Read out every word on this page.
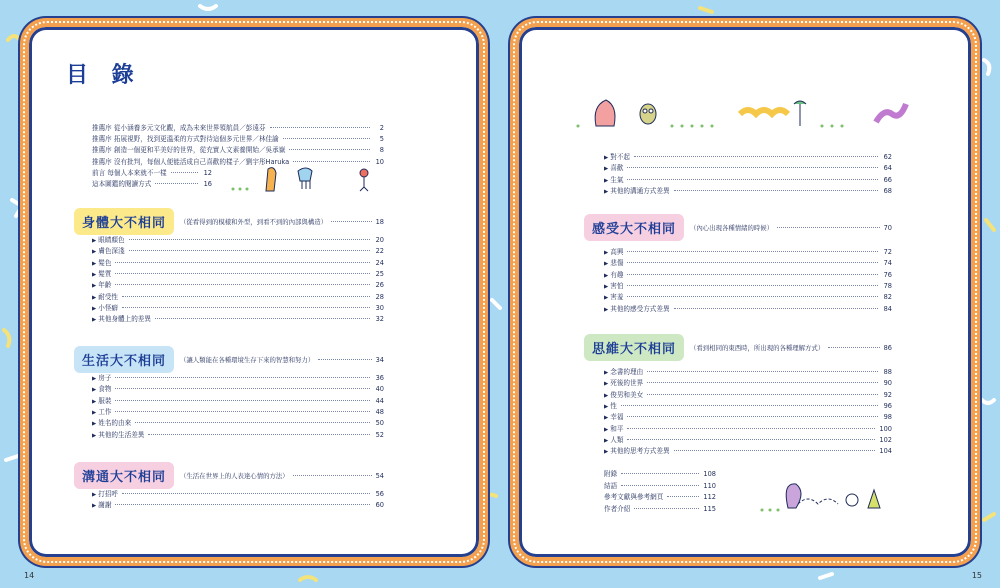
目 錄
推薦序 從小涵養多元文化觀，成為未來世界領航員／彭遠芬	2
推薦序 拓展視野，找到更溫柔的方式對待這個多元世界／林佳諭	5
推薦序 創造一個更和平美好的世界，從充實人文素養開始／吳承嶽	8
推薦序 沒有批判，每個人便能活成自己喜歡的樣子／劉宇彤Haruka	10
前言 每個人本來就不一樣	12
這本圖鑑的閱讀方式	16
身體大不相同	（從看得到的模樣和外型，到看不到的內部與構造）	18
▶ 眼睛顏色	20
▶ 膚色深淺	22
▶ 髮色	24
▶ 髮質	25
▶ 年齡	26
▶ 耐受性	28
▶ 小怪癖	30
▶ 其他身體上的差異	32
生活大不相同	（讓人類能在各種環境生存下來的智慧和努力）	34
▶ 房子	36
▶ 食物	40
▶ 服裝	44
▶ 工作	48
▶ 姓名的由來	50
▶ 其他的生活差異	52
溝通大不相同	（生活在世界上的人表達心情的方法）	54
▶ 打招呼	56
▶ 謝謝	60
▶ 對不起	62
▶ 喜歡	64
▶ 生氣	66
▶ 其他的溝通方式差異	68
感受大不相同	（內心出現各種情緒的時候）	70
▶ 高興	72
▶ 悲傷	74
▶ 有趣	76
▶ 害怕	78
▶ 害羞	82
▶ 其他的感受方式差異	84
思維大不相同	（看到相同的東西時，所出現的各種理解方式）	86
▶ 念書的理由	88
▶ 死後的世界	90
▶ 俊男和美女	92
▶ 性	96
▶ 幸福	98
▶ 和平	100
▶ 人類	102
▶ 其他的思考方式差異	104
附錄	108
結語	110
參考文獻與參考網頁	112
作者介紹	115
14	15
